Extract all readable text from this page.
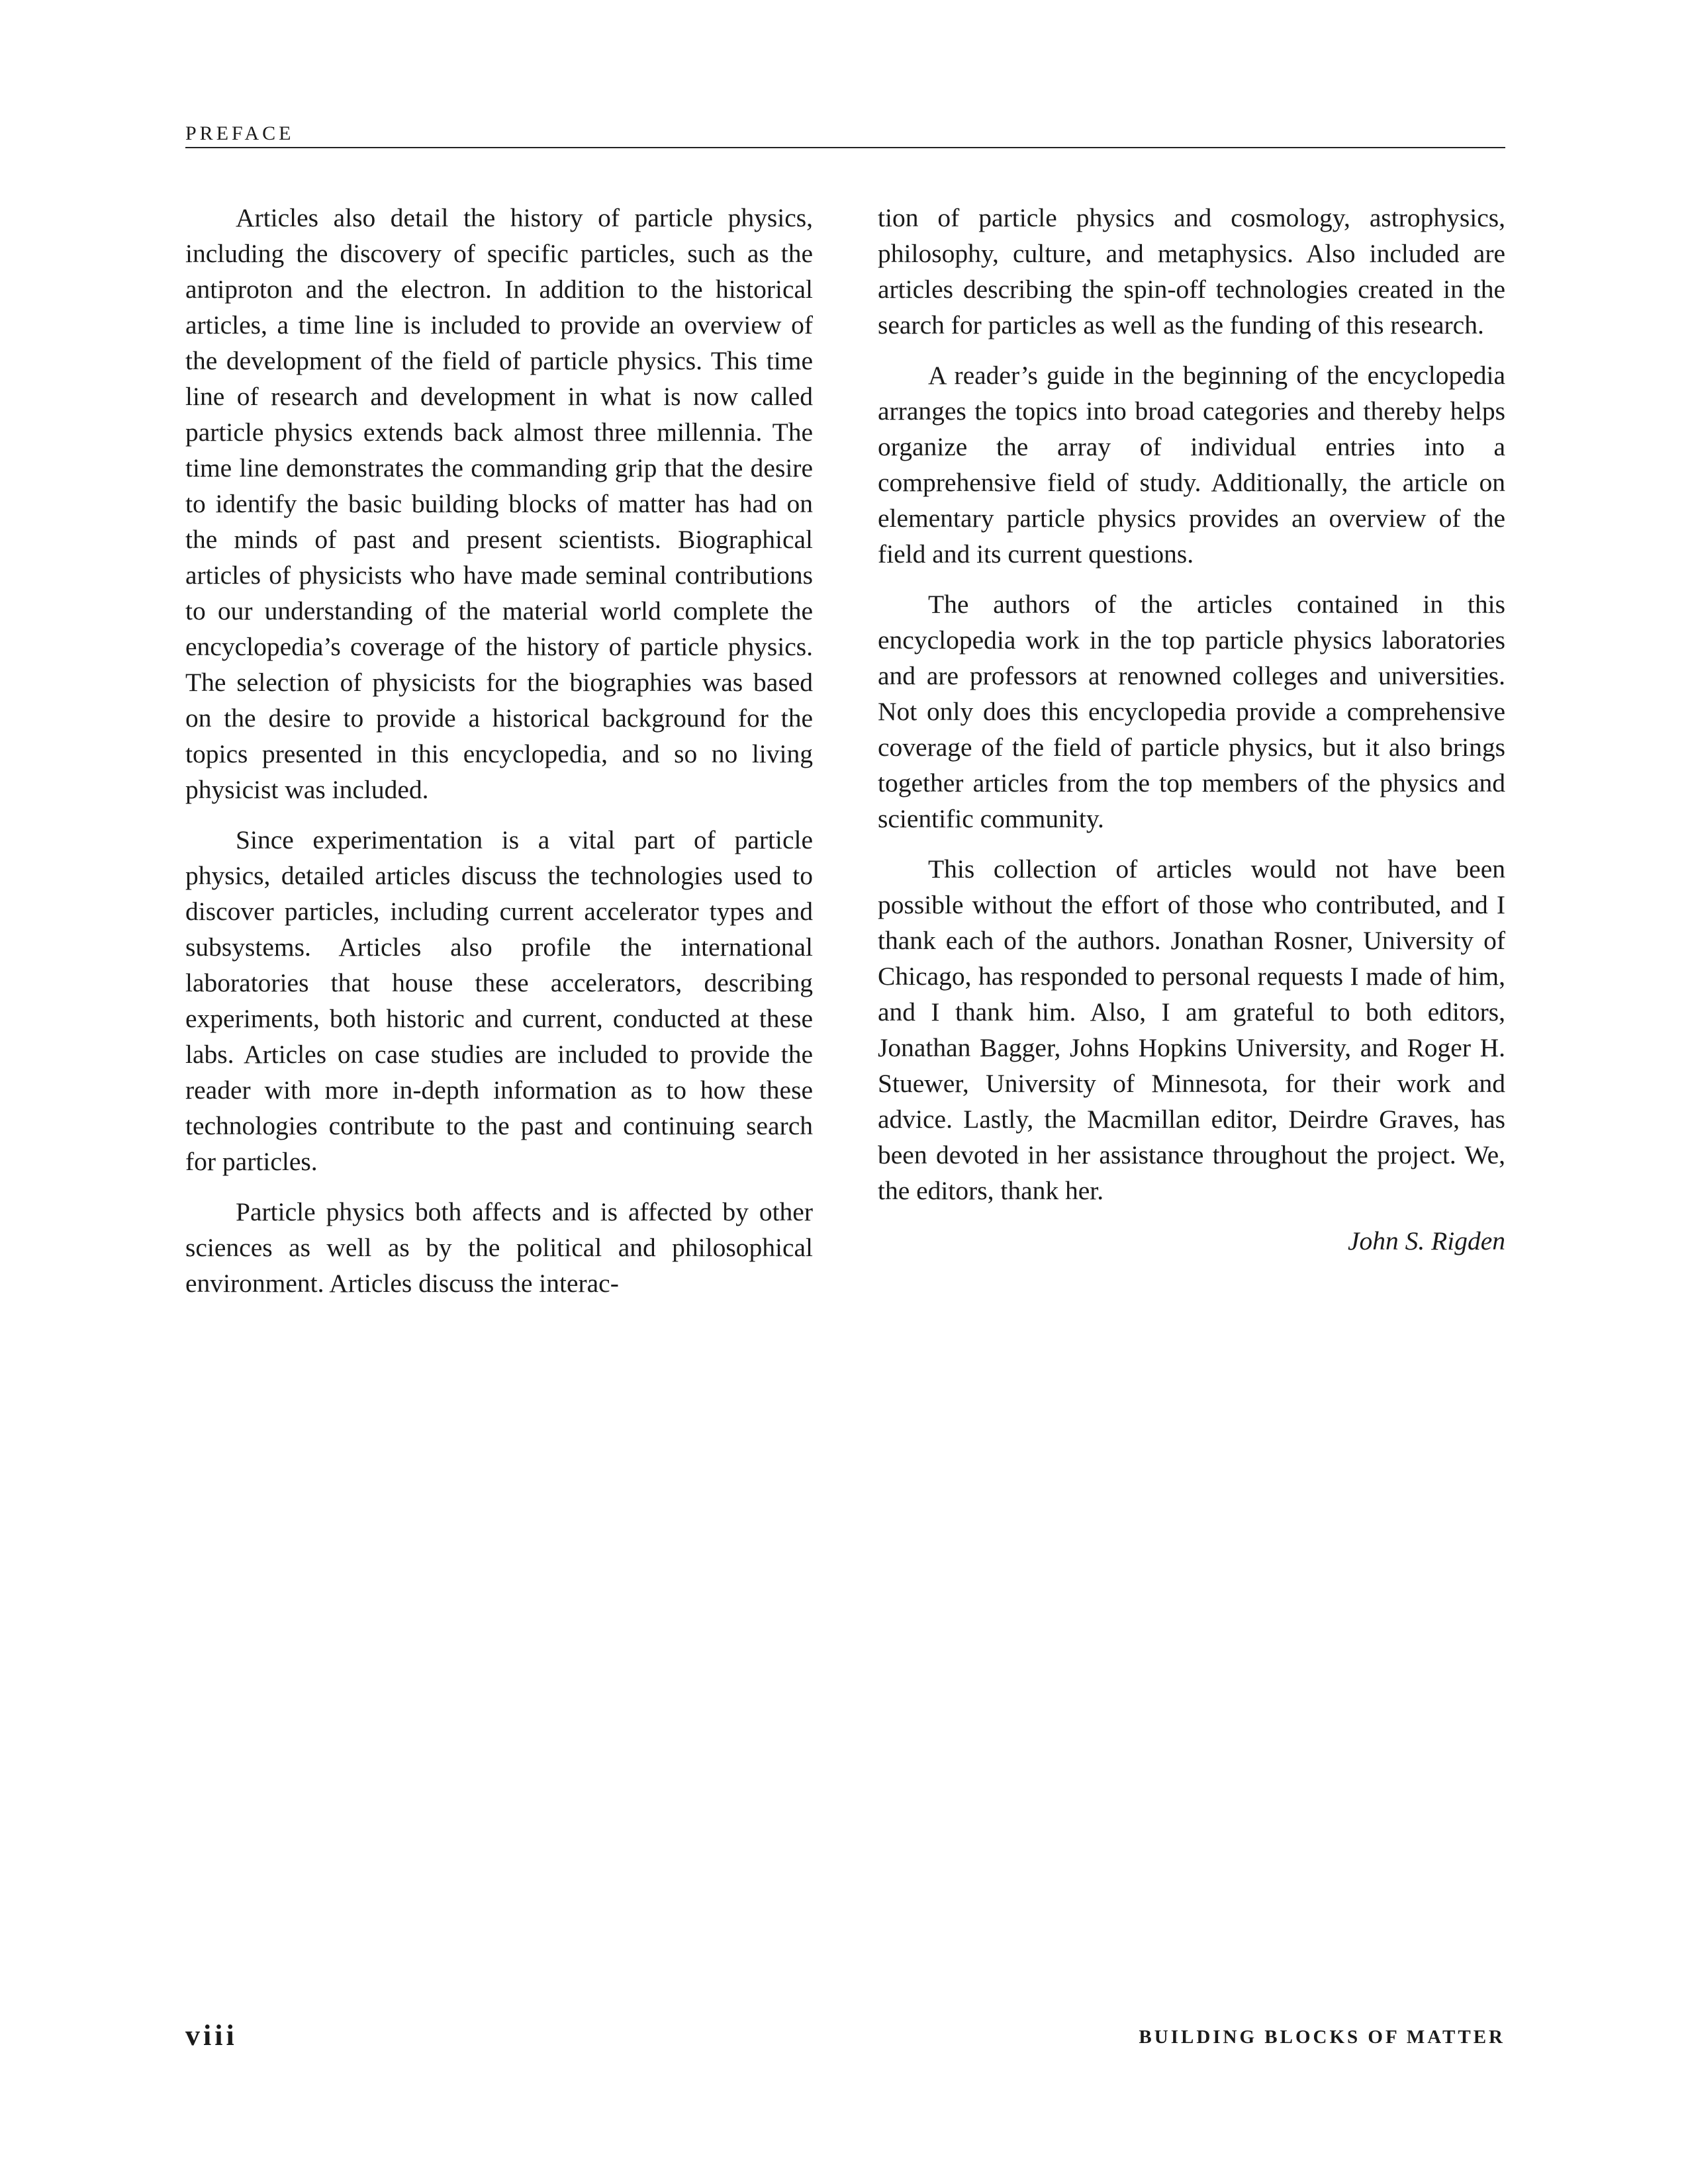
PREFACE

Articles also detail the history of particle physics, including the discovery of specific particles, such as the antiproton and the electron. In addition to the historical articles, a time line is included to provide an overview of the development of the field of particle physics. This time line of research and development in what is now called particle physics extends back almost three millennia. The time line demonstrates the commanding grip that the desire to identify the basic building blocks of matter has had on the minds of past and present scientists. Biographical articles of physicists who have made seminal contributions to our understanding of the material world complete the encyclopedia’s coverage of the history of particle physics. The selection of physicists for the biographies was based on the desire to provide a historical background for the topics presented in this encyclopedia, and so no living physicist was included.

Since experimentation is a vital part of particle physics, detailed articles discuss the technologies used to discover particles, including current accelerator types and subsystems. Articles also profile the international laboratories that house these accelerators, describing experiments, both historic and current, conducted at these labs. Articles on case studies are included to provide the reader with more in-depth information as to how these technologies contribute to the past and continuing search for particles.

Particle physics both affects and is affected by other sciences as well as by the political and philosophical environment. Articles discuss the interac-

tion of particle physics and cosmology, astrophysics, philosophy, culture, and metaphysics. Also included are articles describing the spin-off technologies created in the search for particles as well as the funding of this research.

A reader’s guide in the beginning of the encyclopedia arranges the topics into broad categories and thereby helps organize the array of individual entries into a comprehensive field of study. Additionally, the article on elementary particle physics provides an overview of the field and its current questions.

The authors of the articles contained in this encyclopedia work in the top particle physics laboratories and are professors at renowned colleges and universities. Not only does this encyclopedia provide a comprehensive coverage of the field of particle physics, but it also brings together articles from the top members of the physics and scientific community.

This collection of articles would not have been possible without the effort of those who contributed, and I thank each of the authors. Jonathan Rosner, University of Chicago, has responded to personal requests I made of him, and I thank him. Also, I am grateful to both editors, Jonathan Bagger, Johns Hopkins University, and Roger H. Stuewer, University of Minnesota, for their work and advice. Lastly, the Macmillan editor, Deirdre Graves, has been devoted in her assistance throughout the project. We, the editors, thank her.

John S. Rigden
viii	BUILDING BLOCKS OF MATTER
